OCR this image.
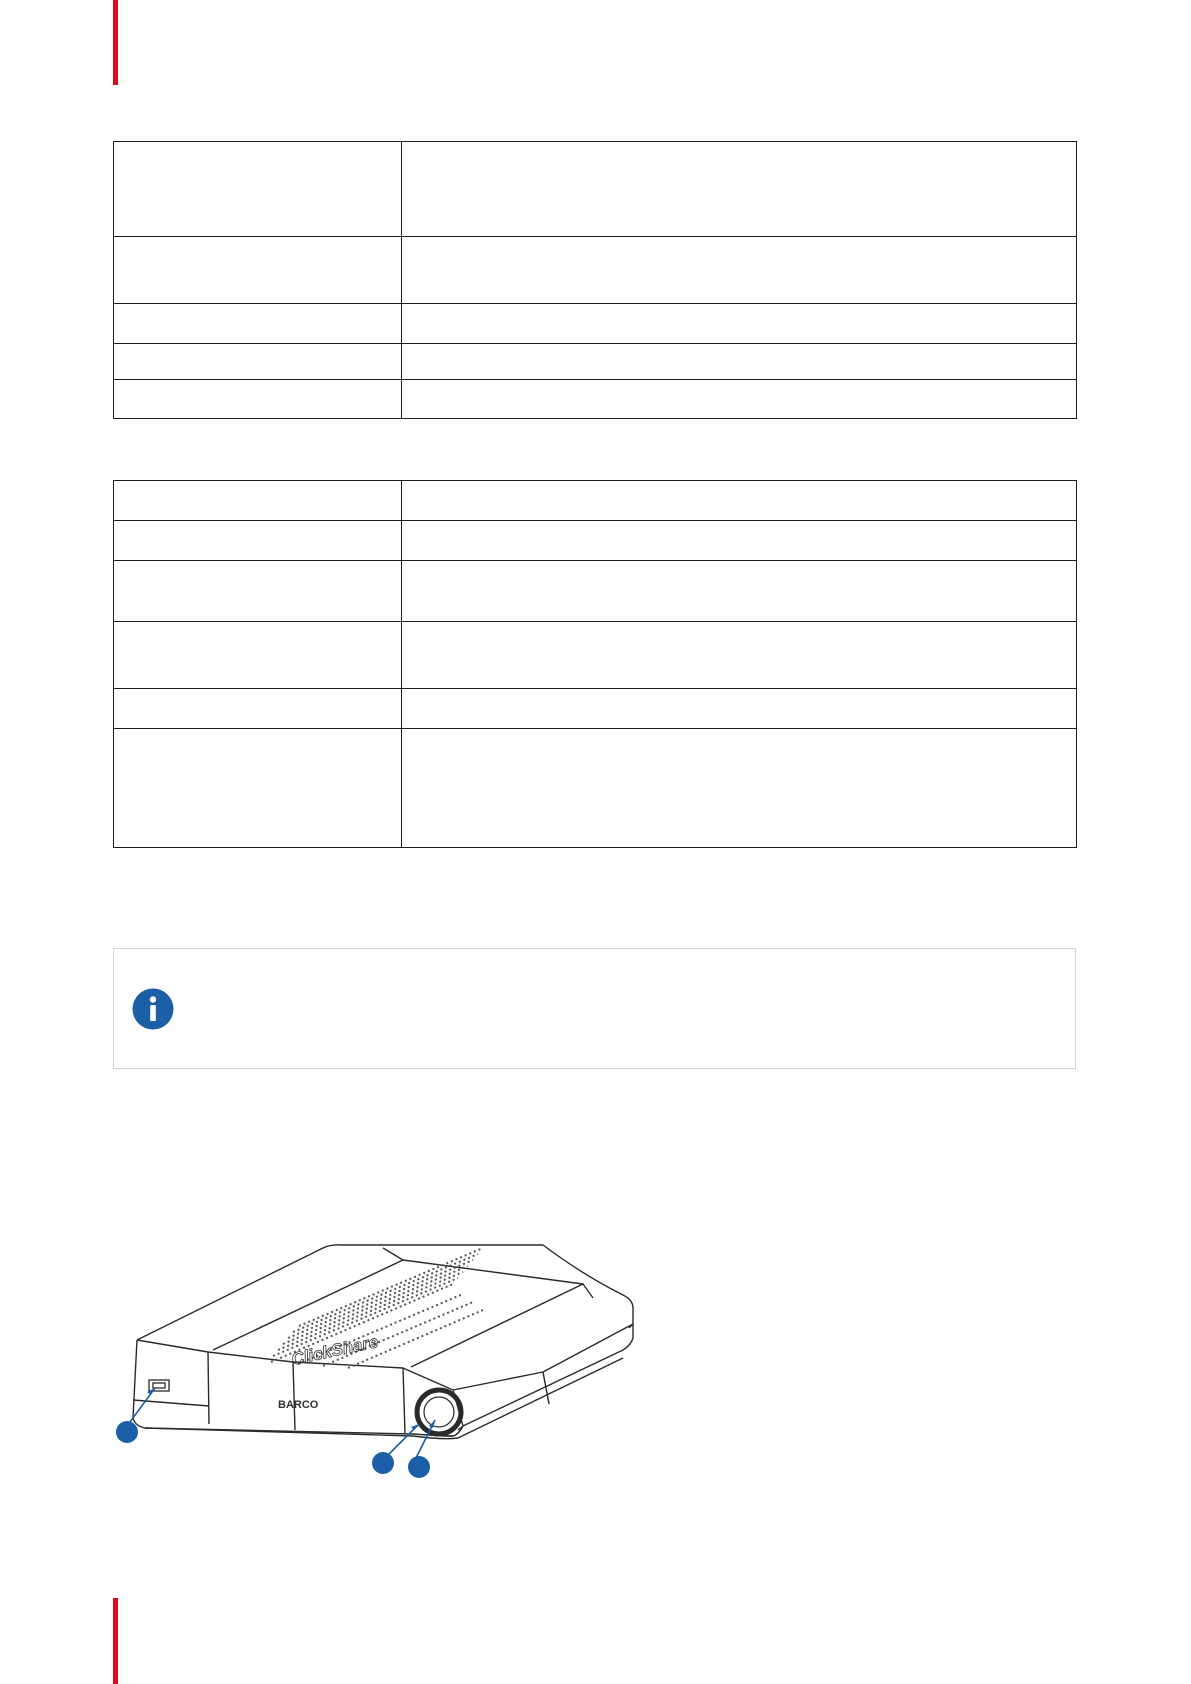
ClickShare
BARCO
